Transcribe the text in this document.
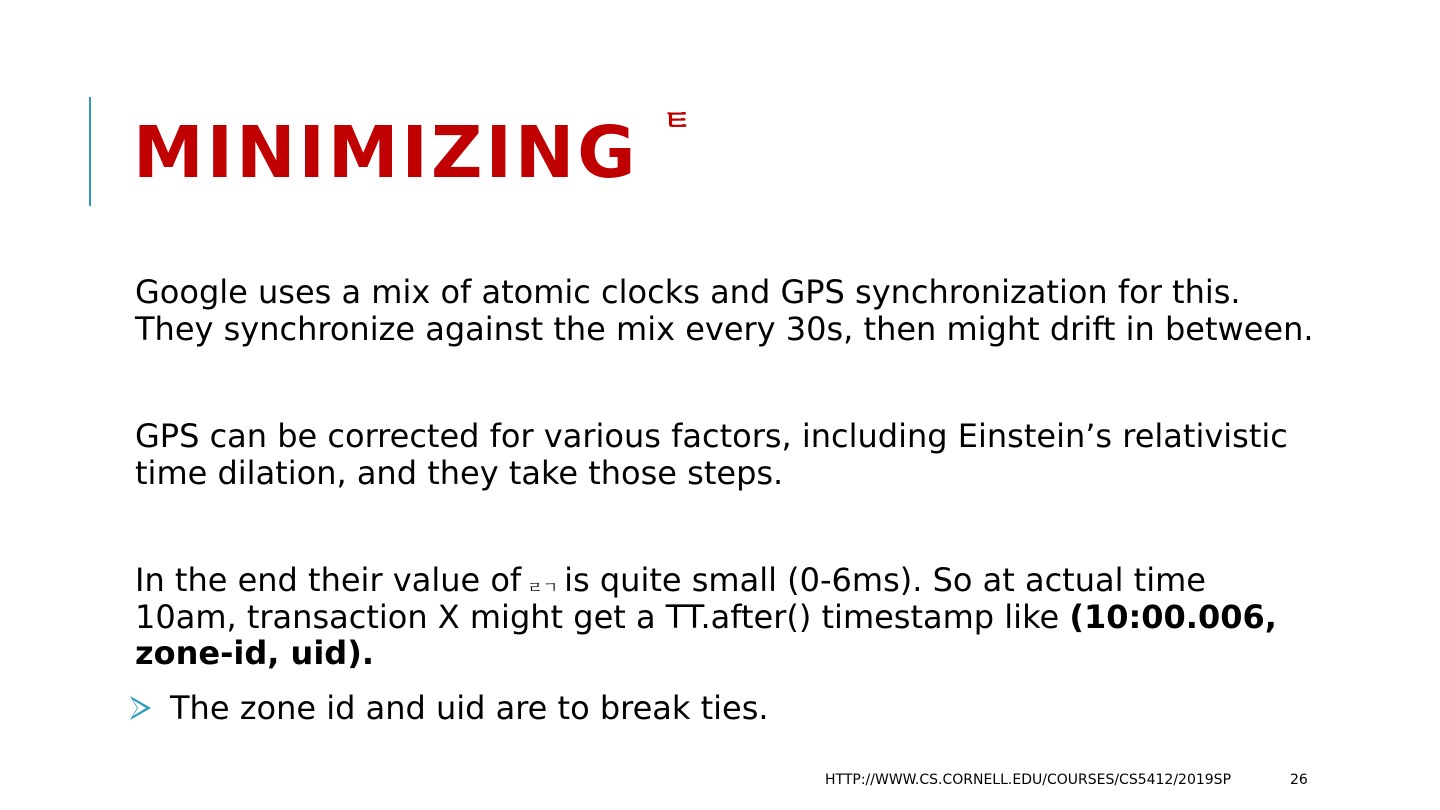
MINIMIZING ㅌ

Google uses a mix of atomic clocks and GPS synchronization for this.
They synchronize against the mix every 30s, then might drift in between.

GPS can be corrected for various factors, including Einstein’s relativistic
time dilation, and they take those steps.

In the end their value of ㄹㄱ is quite small (0-6ms). So at actual time
10am, transaction X might get a TT.after() timestamp like (10:00.006,
zone-id, uid).

The zone id and uid are to break ties.
HTTP://WWW.CS.CORNELL.EDU/COURSES/CS5412/2019SP	26
